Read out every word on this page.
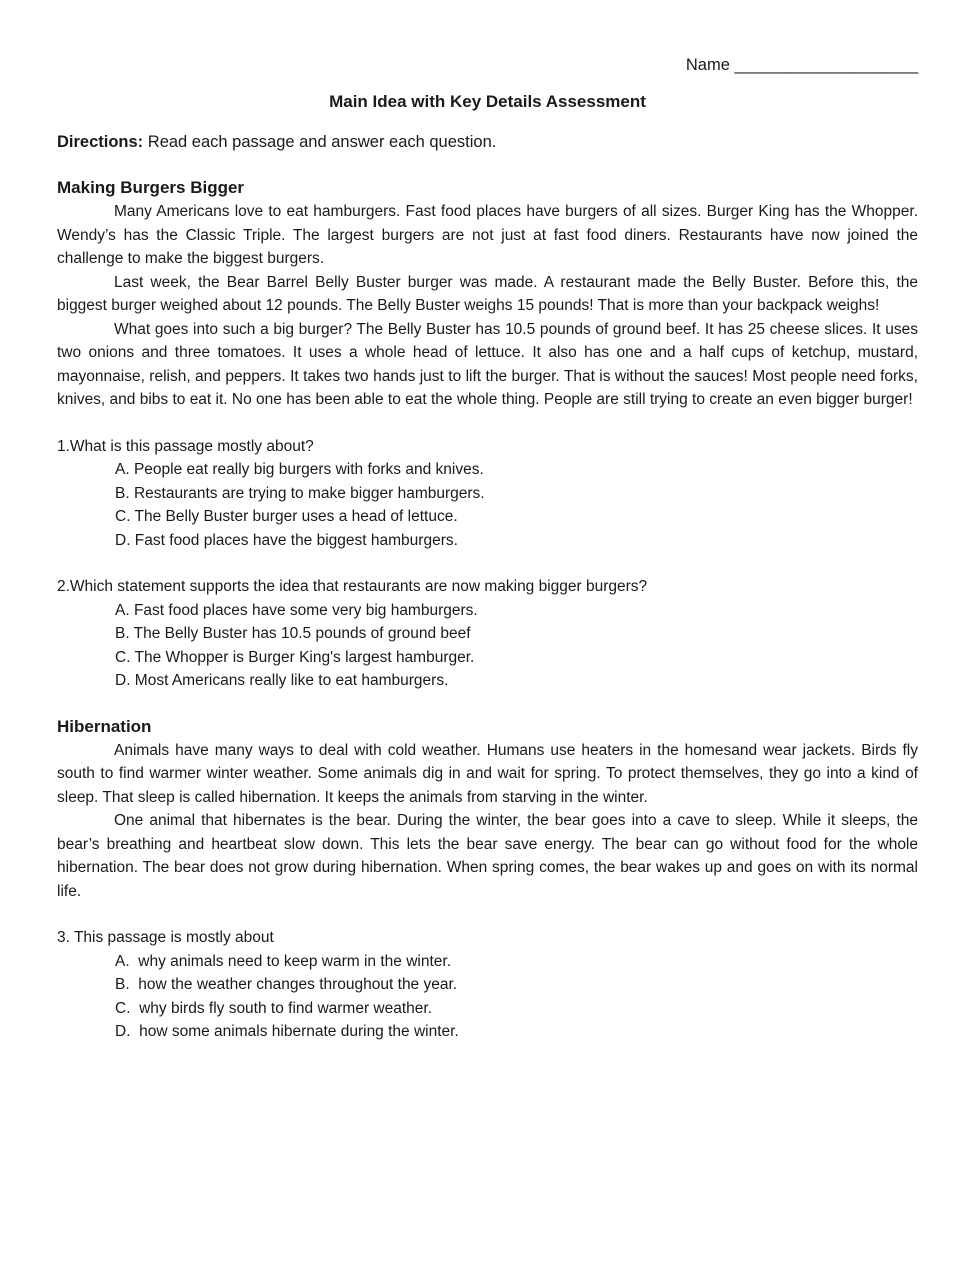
Name ____________________
Main Idea with Key Details Assessment

Directions: Read each passage and answer each question.

Making Burgers Bigger

Many Americans love to eat hamburgers. Fast food places have burgers of all sizes. Burger King has the Whopper. Wendy’s has the Classic Triple. The largest burgers are not just at fast food diners. Restaurants have now joined the challenge to make the biggest burgers.

Last week, the Bear Barrel Belly Buster burger was made. A restaurant made the Belly Buster. Before this, the biggest burger weighed about 12 pounds. The Belly Buster weighs 15 pounds! That is more than your backpack weighs!

What goes into such a big burger? The Belly Buster has 10.5 pounds of ground beef. It has 25 cheese slices. It uses two onions and three tomatoes. It uses a whole head of lettuce. It also has one and a half cups of ketchup, mustard, mayonnaise, relish, and peppers. It takes two hands just to lift the burger. That is without the sauces! Most people need forks, knives, and bibs to eat it. No one has been able to eat the whole thing. People are still trying to create an even bigger burger!

1.What is this passage mostly about?

A. People eat really big burgers with forks and knives.
B. Restaurants are trying to make bigger hamburgers.
C. The Belly Buster burger uses a head of lettuce.
D. Fast food places have the biggest hamburgers.

2.Which statement supports the idea that restaurants are now making bigger burgers?

A. Fast food places have some very big hamburgers.
B. The Belly Buster has 10.5 pounds of ground beef
C. The Whopper is Burger King's largest hamburger.
D. Most Americans really like to eat hamburgers.
Hibernation

Animals have many ways to deal with cold weather. Humans use heaters in the homesand wear jackets. Birds fly south to find warmer winter weather. Some animals dig in and wait for spring. To protect themselves, they go into a kind of sleep. That sleep is called hibernation. It keeps the animals from starving in the winter.

One animal that hibernates is the bear. During the winter, the bear goes into a cave to sleep. While it sleeps, the bear’s breathing and heartbeat slow down. This lets the bear save energy. The bear can go without food for the whole hibernation. The bear does not grow during hibernation. When spring comes, the bear wakes up and goes on with its normal life.

3. This passage is mostly about

A.  why animals need to keep warm in the winter.
B.  how the weather changes throughout the year.
C.  why birds fly south to find warmer weather.
D.  how some animals hibernate during the winter.
